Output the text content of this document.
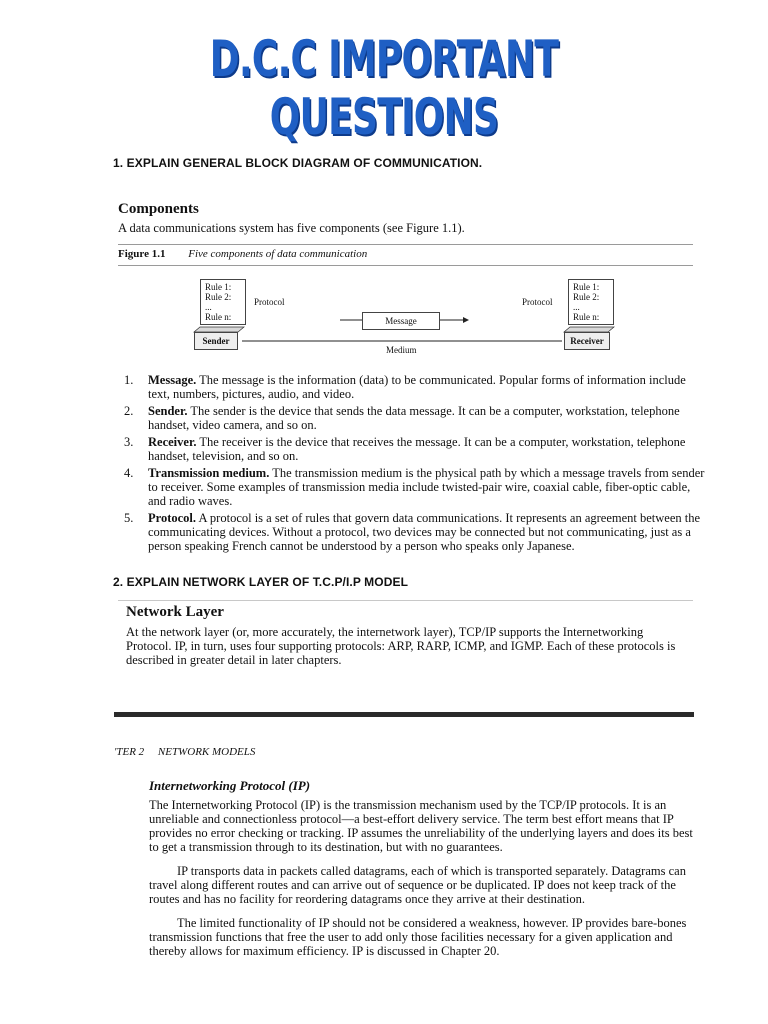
D.C.C IMPORTANT QUESTIONS
1. EXPLAIN GENERAL BLOCK DIAGRAM OF COMMUNICATION.
Components
A data communications system has five components (see Figure 1.1).
Figure 1.1 Five components of data communication
Rule 1:
Rule 2:
...
Rule n:
Protocol
Rule 1:
Rule 2:
...
Rule n:
Protocol
Message
Sender	Receiver
Medium
1. Message. The message is the information (data) to be communicated. Popular forms of information include text, numbers, pictures, audio, and video.
2. Sender. The sender is the device that sends the data message. It can be a computer, workstation, telephone handset, video camera, and so on.
3. Receiver. The receiver is the device that receives the message. It can be a computer, workstation, telephone handset, television, and so on.
4. Transmission medium. The transmission medium is the physical path by which a message travels from sender to receiver. Some examples of transmission media include twisted-pair wire, coaxial cable, fiber-optic cable, and radio waves.
5. Protocol. A protocol is a set of rules that govern data communications. It represents an agreement between the communicating devices. Without a protocol, two devices may be connected but not communicating, just as a person speaking French cannot be understood by a person who speaks only Japanese.
2. EXPLAIN NETWORK LAYER OF T.C.P/I.P MODEL
Network Layer
At the network layer (or, more accurately, the internetwork layer), TCP/IP supports the Internetworking Protocol. IP, in turn, uses four supporting protocols: ARP, RARP, ICMP, and IGMP. Each of these protocols is described in greater detail in later chapters.
'TER 2     NETWORK MODELS
Internetworking Protocol (IP)
The Internetworking Protocol (IP) is the transmission mechanism used by the TCP/IP protocols. It is an unreliable and connectionless protocol—a best-effort delivery service. The term best effort means that IP provides no error checking or tracking. IP assumes the unreliability of the underlying layers and does its best to get a transmission through to its destination, but with no guarantees.
IP transports data in packets called datagrams, each of which is transported separately. Datagrams can travel along different routes and can arrive out of sequence or be duplicated. IP does not keep track of the routes and has no facility for reordering datagrams once they arrive at their destination.
The limited functionality of IP should not be considered a weakness, however. IP provides bare-bones transmission functions that free the user to add only those facilities necessary for a given application and thereby allows for maximum efficiency. IP is discussed in Chapter 20.
